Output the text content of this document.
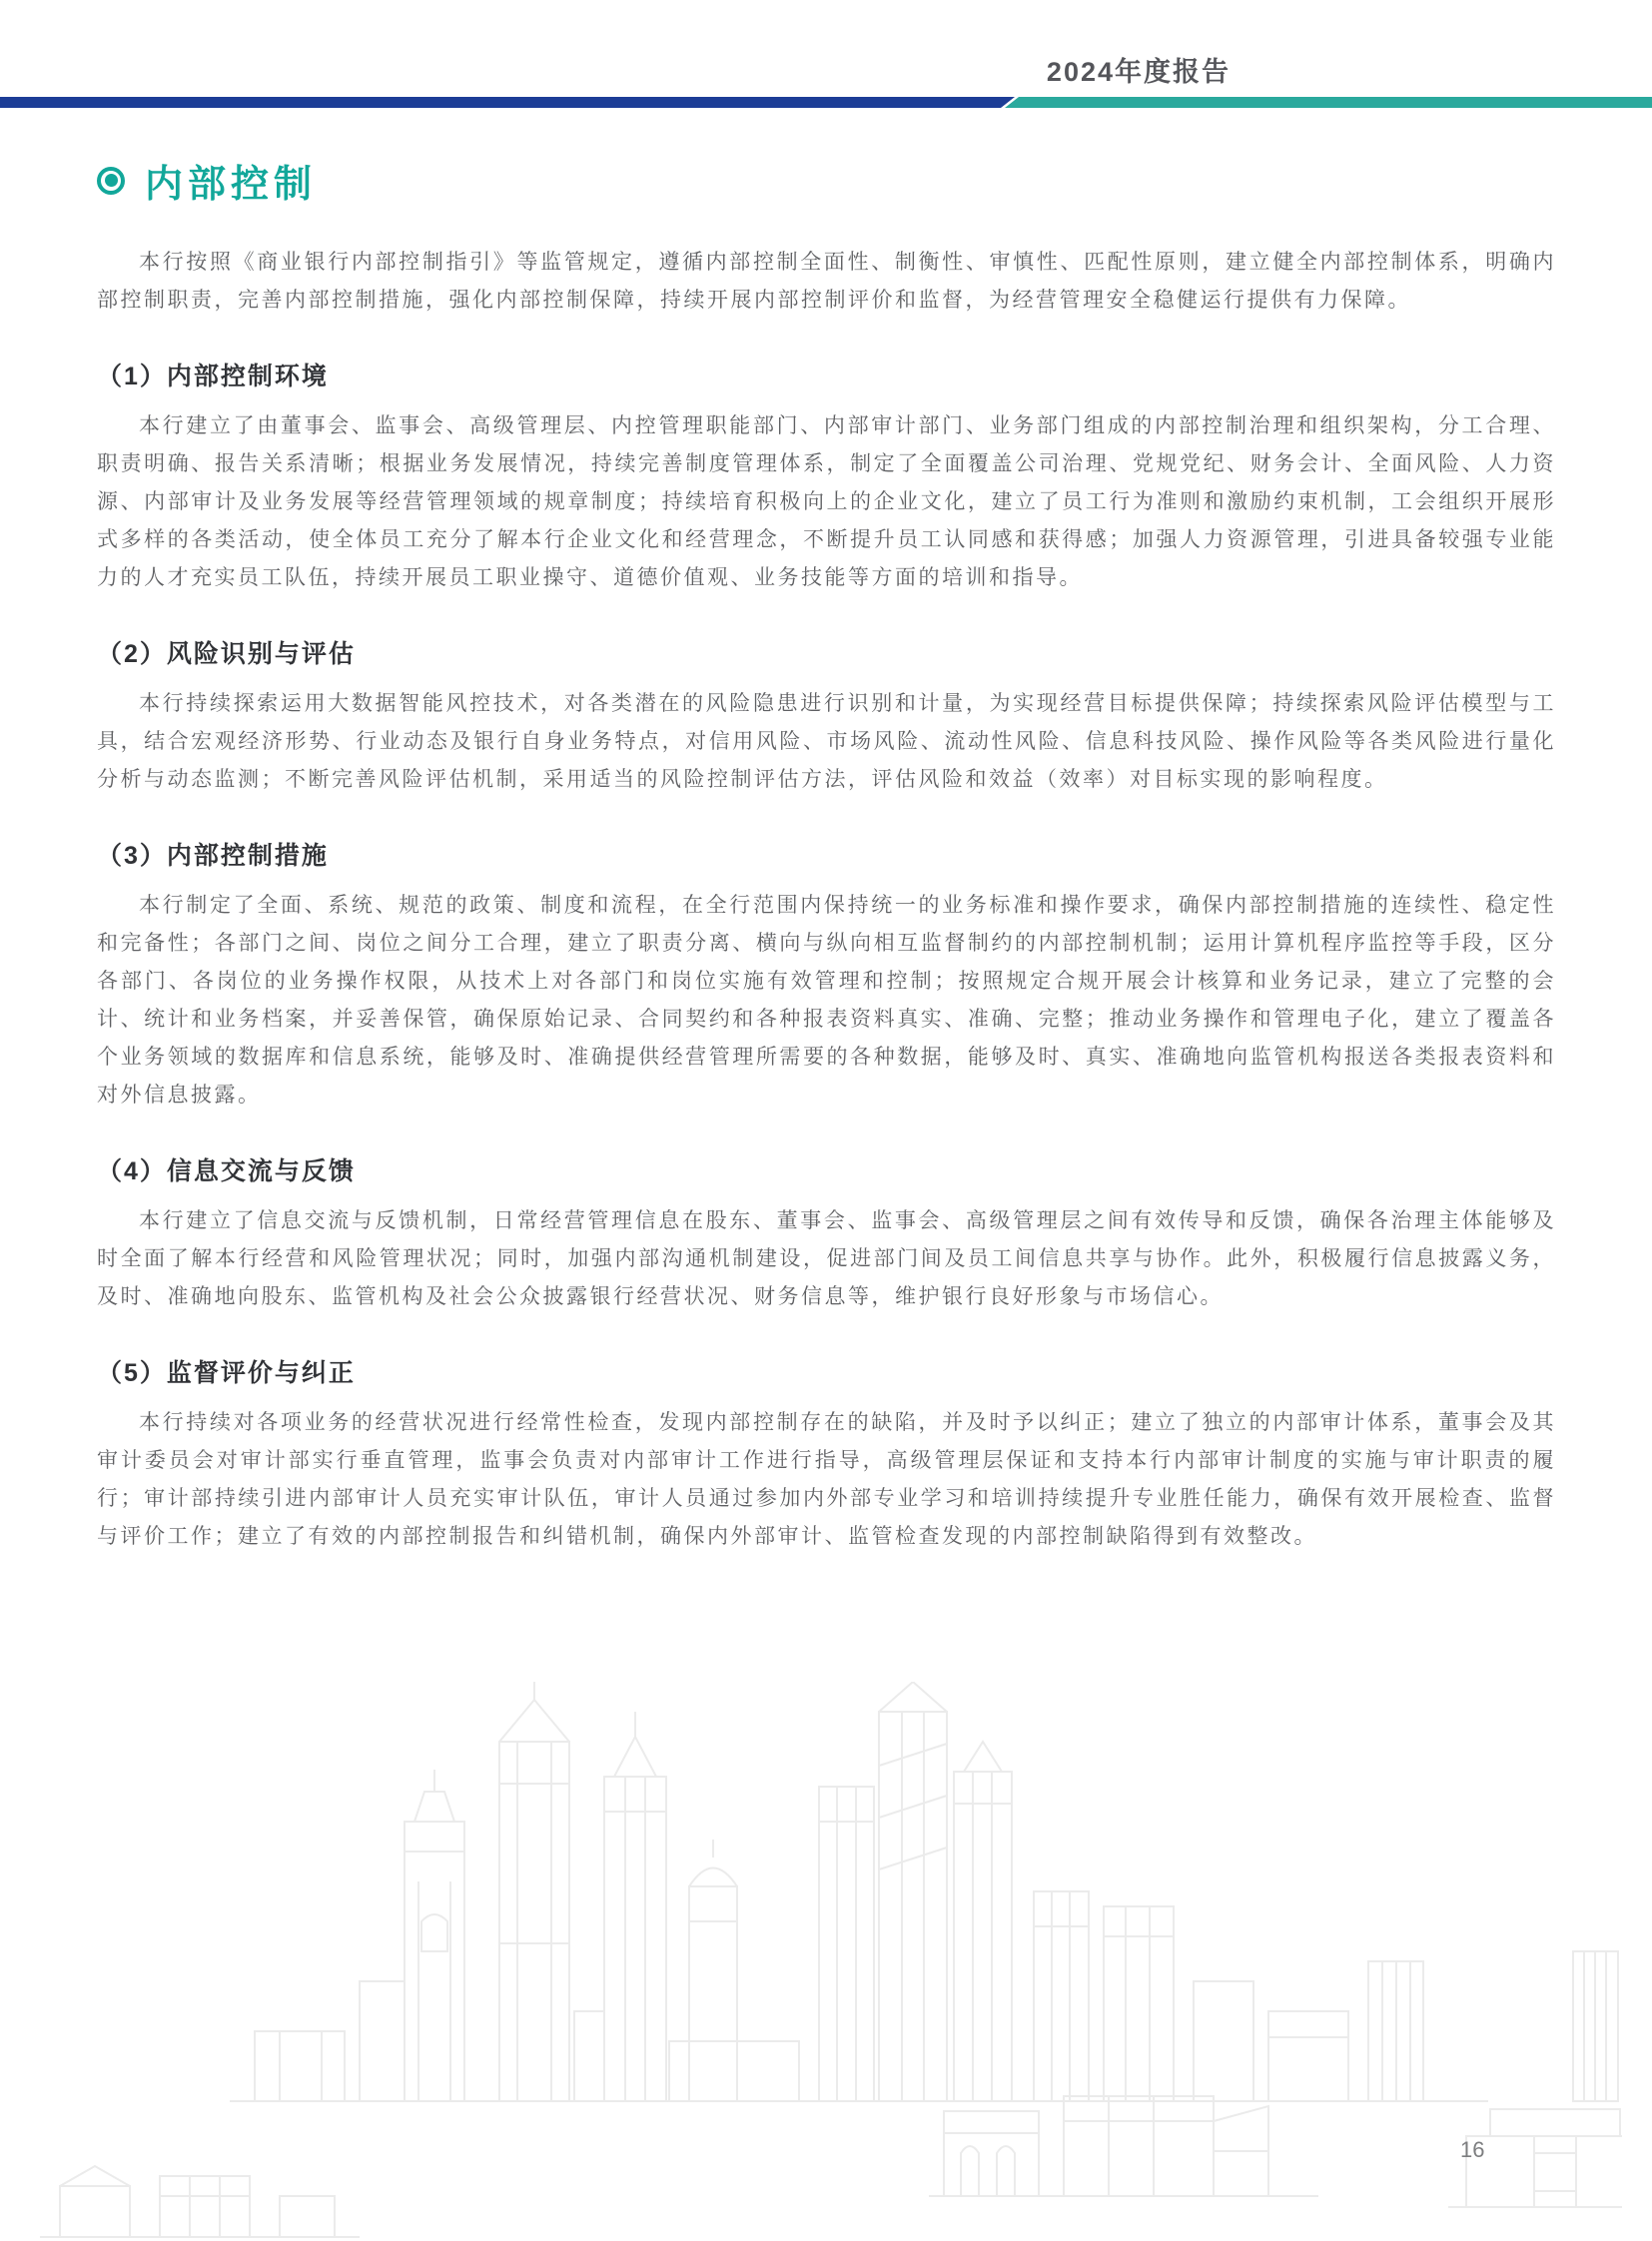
2024年度报告
内部控制

本行按照《商业银行内部控制指引》等监管规定，遵循内部控制全面性、制衡性、审慎性、匹配性原则，建立健全内部控制体系，明确内部控制职责，完善内部控制措施，强化内部控制保障，持续开展内部控制评价和监督，为经营管理安全稳健运行提供有力保障。

（1）内部控制环境

本行建立了由董事会、监事会、高级管理层、内控管理职能部门、内部审计部门、业务部门组成的内部控制治理和组织架构，分工合理、职责明确、报告关系清晰；根据业务发展情况，持续完善制度管理体系，制定了全面覆盖公司治理、党规党纪、财务会计、全面风险、人力资源、内部审计及业务发展等经营管理领域的规章制度；持续培育积极向上的企业文化，建立了员工行为准则和激励约束机制，工会组织开展形式多样的各类活动，使全体员工充分了解本行企业文化和经营理念，不断提升员工认同感和获得感；加强人力资源管理，引进具备较强专业能力的人才充实员工队伍，持续开展员工职业操守、道德价值观、业务技能等方面的培训和指导。

（2）风险识别与评估

本行持续探索运用大数据智能风控技术，对各类潜在的风险隐患进行识别和计量，为实现经营目标提供保障；持续探索风险评估模型与工具，结合宏观经济形势、行业动态及银行自身业务特点，对信用风险、市场风险、流动性风险、信息科技风险、操作风险等各类风险进行量化分析与动态监测；不断完善风险评估机制，采用适当的风险控制评估方法，评估风险和效益（效率）对目标实现的影响程度。

（3）内部控制措施

本行制定了全面、系统、规范的政策、制度和流程，在全行范围内保持统一的业务标准和操作要求，确保内部控制措施的连续性、稳定性和完备性；各部门之间、岗位之间分工合理，建立了职责分离、横向与纵向相互监督制约的内部控制机制；运用计算机程序监控等手段，区分各部门、各岗位的业务操作权限，从技术上对各部门和岗位实施有效管理和控制；按照规定合规开展会计核算和业务记录，建立了完整的会计、统计和业务档案，并妥善保管，确保原始记录、合同契约和各种报表资料真实、准确、完整；推动业务操作和管理电子化，建立了覆盖各个业务领域的数据库和信息系统，能够及时、准确提供经营管理所需要的各种数据，能够及时、真实、准确地向监管机构报送各类报表资料和对外信息披露。

（4）信息交流与反馈

本行建立了信息交流与反馈机制，日常经营管理信息在股东、董事会、监事会、高级管理层之间有效传导和反馈，确保各治理主体能够及时全面了解本行经营和风险管理状况；同时，加强内部沟通机制建设，促进部门间及员工间信息共享与协作。此外，积极履行信息披露义务，及时、准确地向股东、监管机构及社会公众披露银行经营状况、财务信息等，维护银行良好形象与市场信心。

（5）监督评价与纠正

本行持续对各项业务的经营状况进行经常性检查，发现内部控制存在的缺陷，并及时予以纠正；建立了独立的内部审计体系，董事会及其审计委员会对审计部实行垂直管理，监事会负责对内部审计工作进行指导，高级管理层保证和支持本行内部审计制度的实施与审计职责的履行；审计部持续引进内部审计人员充实审计队伍，审计人员通过参加内外部专业学习和培训持续提升专业胜任能力，确保有效开展检查、监督与评价工作；建立了有效的内部控制报告和纠错机制，确保内外部审计、监管检查发现的内部控制缺陷得到有效整改。

16
